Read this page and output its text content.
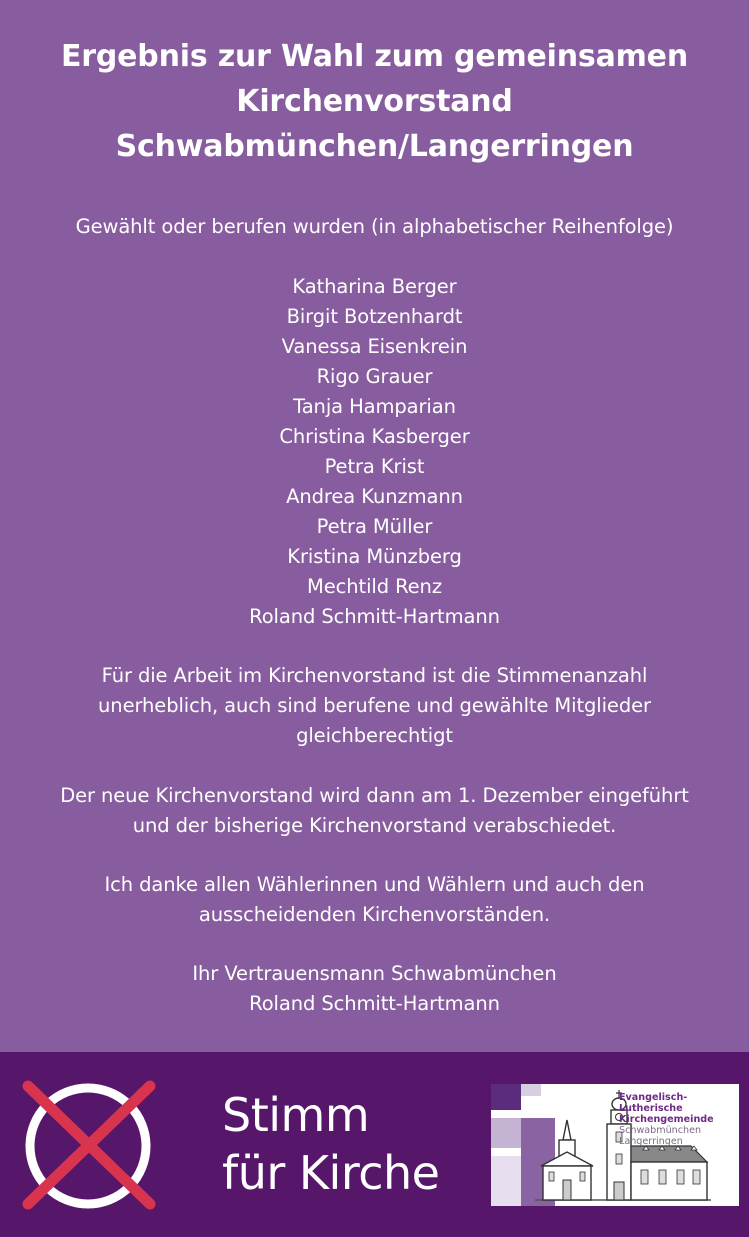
Ergebnis zur Wahl zum gemeinsamen
Kirchenvorstand
Schwabmünchen/Langerringen
Gewählt oder berufen wurden (in alphabetischer Reihenfolge)
Katharina Berger
Birgit Botzenhardt
Vanessa Eisenkrein
Rigo Grauer
Tanja Hamparian
Christina Kasberger
Petra Krist
Andrea Kunzmann
Petra Müller
Kristina Münzberg
Mechtild Renz
Roland Schmitt-Hartmann
Für die Arbeit im Kirchenvorstand ist die Stimmenanzahl
unerheblich, auch sind berufene und gewählte Mitglieder
gleichberechtigt
Der neue Kirchenvorstand wird dann am 1. Dezember eingeführt
und der bisherige Kirchenvorstand verabschiedet.
Ich danke allen Wählerinnen und Wählern und auch den
ausscheidenden Kirchenvorständen.
Ihr Vertrauensmann Schwabmünchen
Roland Schmitt-Hartmann
Stimm
für Kirche
Evangelisch-
Lutherische
Kirchengemeinde
Schwabmünchen
Langerringen
